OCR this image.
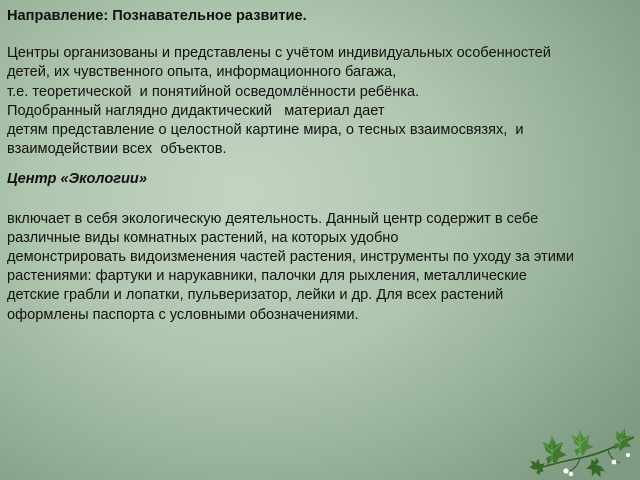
Направление: Познавательное развитие.

Центры организованы и представлены с учётом индивидуальных особенностей
детей, их чувственного опыта, информационного багажа,
т.е. теоретической  и понятийной осведомлённости ребёнка.
Подобранный наглядно дидактический   материал дает
детям представление о целостной картине мира, о тесных взаимосвязях,  и
взаимодействии всех  объектов.

Центр «Экологии»

включает в себя экологическую деятельность. Данный центр содержит в себе
различные виды комнатных растений, на которых удобно
демонстрировать видоизменения частей растения, инструменты по уходу за этими
растениями: фартуки и нарукавники, палочки для рыхления, металлические
детские грабли и лопатки, пульверизатор, лейки и др. Для всех растений
оформлены паспорта с условными обозначениями.
